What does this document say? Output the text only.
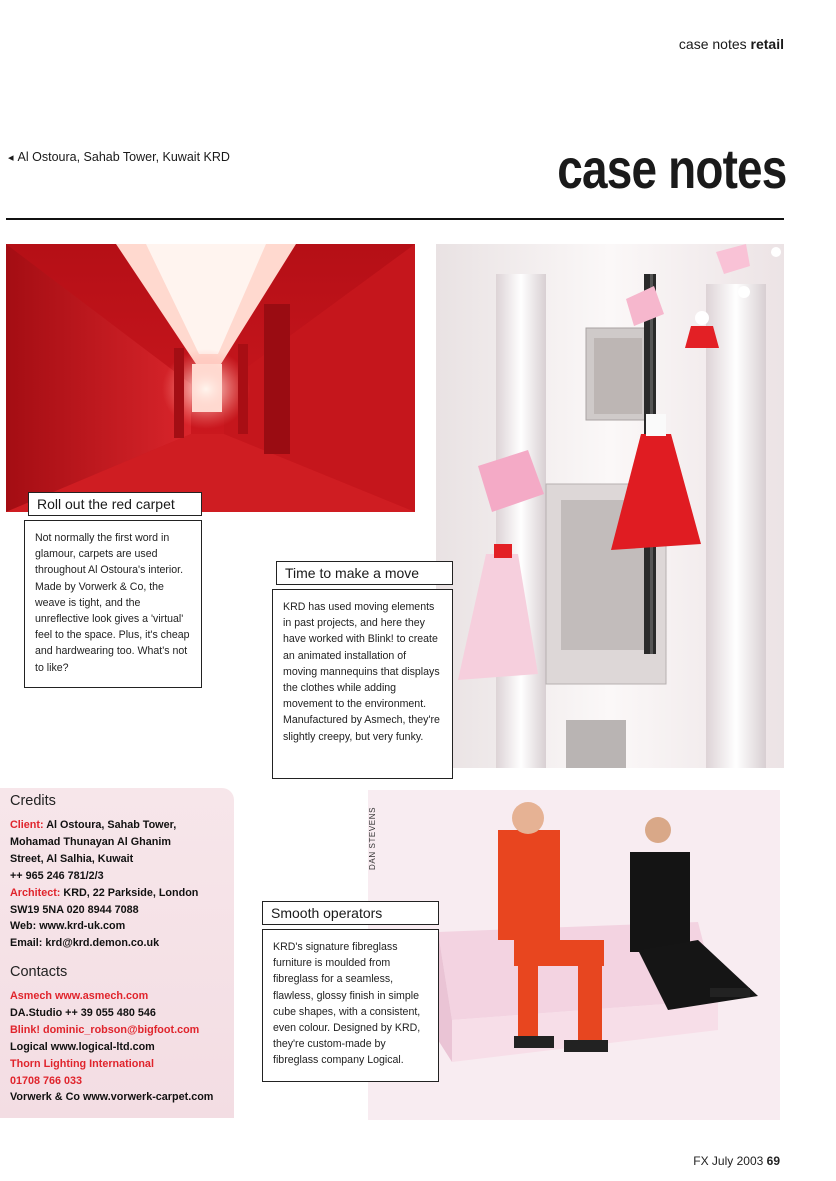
case notes retail
◂ Al Ostoura, Sahab Tower, Kuwait KRD	case notes
DAN STEVENS
Roll out the red carpet
Not normally the first word in glamour, carpets are used throughout Al Ostoura's interior. Made by Vorwerk & Co, the weave is tight, and the unreflective look gives a 'virtual' feel to the space. Plus, it's cheap and hardwearing too. What's not to like?
Time to make a move
KRD has used moving elements in past projects, and here they have worked with Blink! to create an animated installation of moving mannequins that displays the clothes while adding movement to the environment. Manufactured by Asmech, they're slightly creepy, but very funky.
Smooth operators
KRD's signature fibreglass furniture is moulded from fibreglass for a seamless, flawless, glossy finish in simple cube shapes, with a consistent, even colour. Designed by KRD, they're custom-made by fibreglass company Logical.
Credits
Client: Al Ostoura, Sahab Tower,
Mohamad Thunayan Al Ghanim
Street, Al Salhia, Kuwait
++ 965 246 781/2/3
Architect: KRD, 22 Parkside, London
SW19 5NA 020 8944 7088
Web: www.krd-uk.com
Email: krd@krd.demon.co.uk
Contacts
Asmech www.asmech.com
DA.Studio ++ 39 055 480 546
Blink! dominic_robson@bigfoot.com
Logical www.logical-ltd.com
Thorn Lighting International
01708 766 033
Vorwerk & Co www.vorwerk-carpet.com
FX July 2003 69
